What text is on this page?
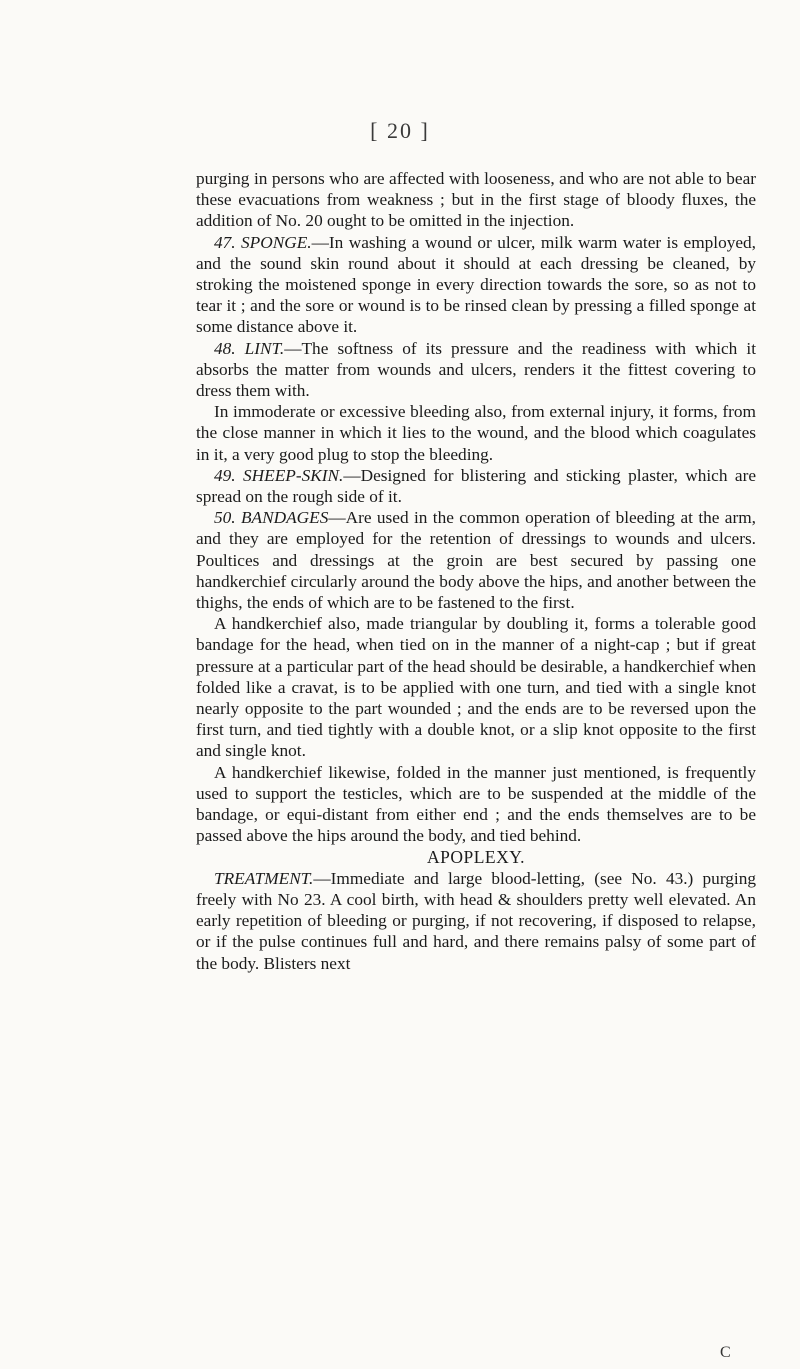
[ 20 ]

purging in persons who are affected with looseness, and who are not able to bear these evacuations from weakness ; but in the first stage of bloody fluxes, the addition of No. 20 ought to be omitted in the injection.

47. SPONGE.—In washing a wound or ulcer, milk warm water is employed, and the sound skin round about it should at each dressing be cleaned, by stroking the moistened sponge in every direction towards the sore, so as not to tear it ; and the sore or wound is to be rinsed clean by pressing a filled sponge at some distance above it.

48. LINT.—The softness of its pressure and the readiness with which it absorbs the matter from wounds and ulcers, renders it the fittest covering to dress them with.

In immoderate or excessive bleeding also, from external injury, it forms, from the close manner in which it lies to the wound, and the blood which coagulates in it, a very good plug to stop the bleeding.

49. SHEEP-SKIN.—Designed for blistering and sticking plaster, which are spread on the rough side of it.

50. BANDAGES—Are used in the common operation of bleeding at the arm, and they are employed for the retention of dressings to wounds and ulcers. Poultices and dressings at the groin are best secured by passing one handkerchief circularly around the body above the hips, and another between the thighs, the ends of which are to be fastened to the first.

A handkerchief also, made triangular by doubling it, forms a tolerable good bandage for the head, when tied on in the manner of a night-cap ; but if great pressure at a particular part of the head should be desirable, a handkerchief when folded like a cravat, is to be applied with one turn, and tied with a single knot nearly opposite to the part wounded ; and the ends are to be reversed upon the first turn, and tied tightly with a double knot, or a slip knot opposite to the first and single knot.

A handkerchief likewise, folded in the manner just mentioned, is frequently used to support the testicles, which are to be suspended at the middle of the bandage, or equi-distant from either end ; and the ends themselves are to be passed above the hips around the body, and tied behind.

APOPLEXY.

TREATMENT.—Immediate and large blood-letting, (see No. 43.) purging freely with No 23. A cool birth, with head & shoulders pretty well elevated. An early repetition of bleeding or purging, if not recovering, if disposed to relapse, or if the pulse continues full and hard, and there remains palsy of some part of the body. Blisters next

C
